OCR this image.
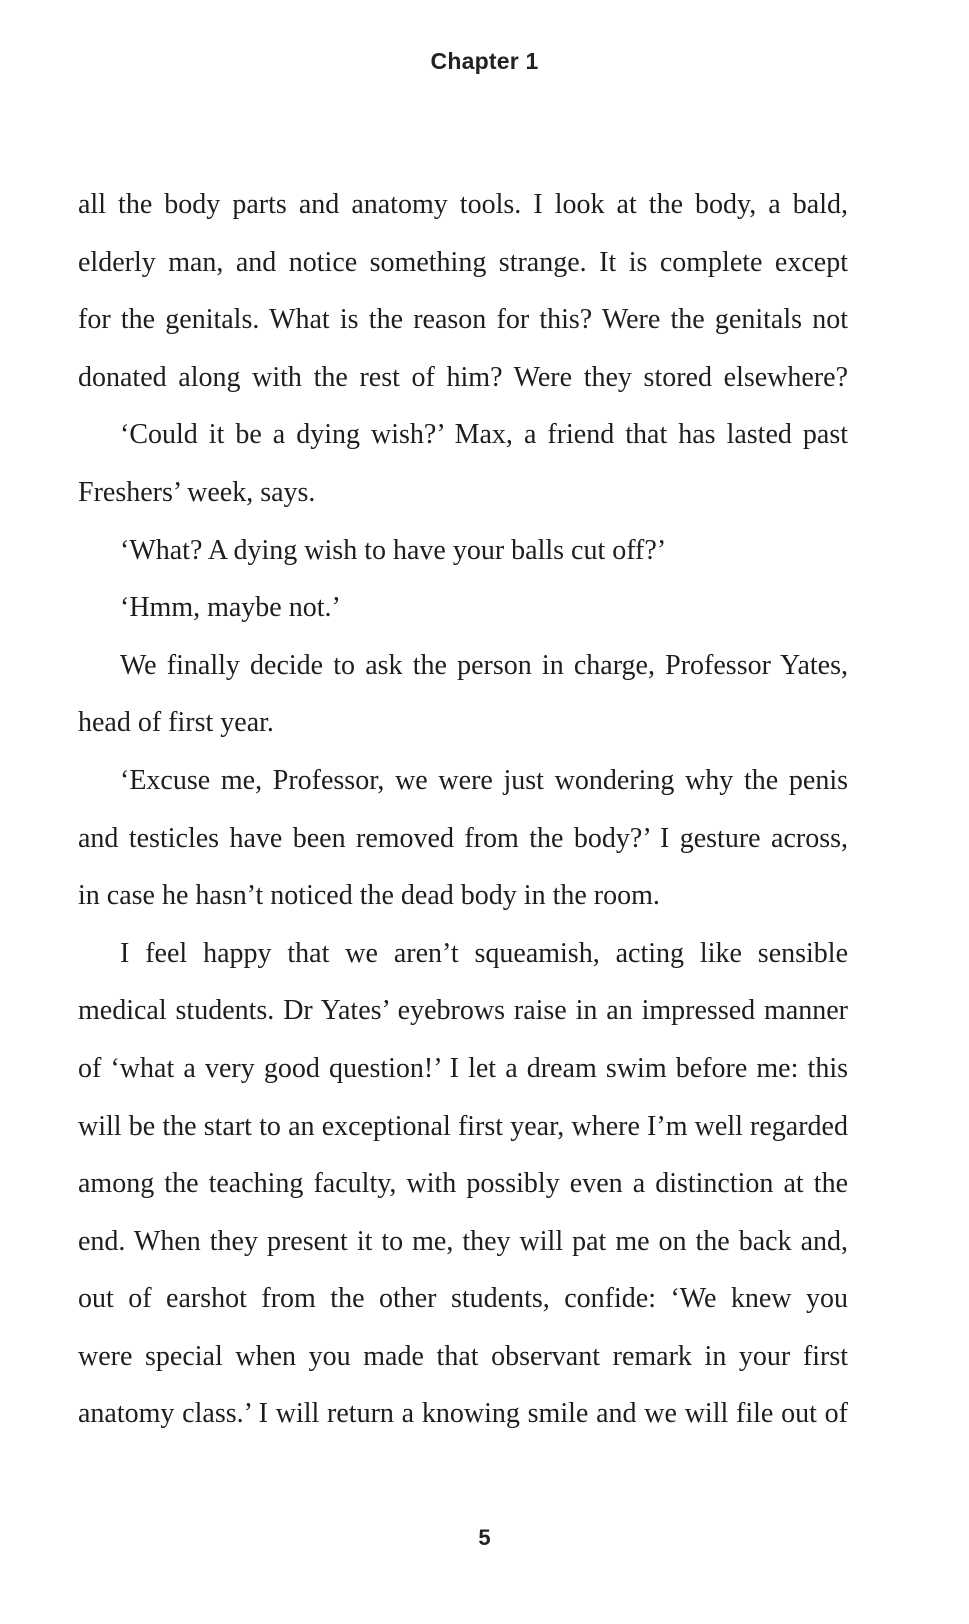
Chapter 1
all the body parts and anatomy tools. I look at the body, a bald,
elderly man, and notice something strange. It is complete except
for the genitals. What is the reason for this? Were the genitals not
donated along with the rest of him? Were they stored elsewhere?
‘Could it be a dying wish?’ Max, a friend that has lasted past
Freshers’ week, says.
‘What? A dying wish to have your balls cut off?’
‘Hmm, maybe not.’
We finally decide to ask the person in charge, Professor Yates,
head of first year.
‘Excuse me, Professor, we were just wondering why the penis
and testicles have been removed from the body?’ I gesture across,
in case he hasn’t noticed the dead body in the room.
I feel happy that we aren’t squeamish, acting like sensible
medical students. Dr Yates’ eyebrows raise in an impressed manner
of ‘what a very good question!’ I let a dream swim before me: this
will be the start to an exceptional first year, where I’m well regarded
among the teaching faculty, with possibly even a distinction at the
end. When they present it to me, they will pat me on the back and,
out of earshot from the other students, confide: ‘We knew you
were special when you made that observant remark in your first
anatomy class.’ I will return a knowing smile and we will file out of
5
